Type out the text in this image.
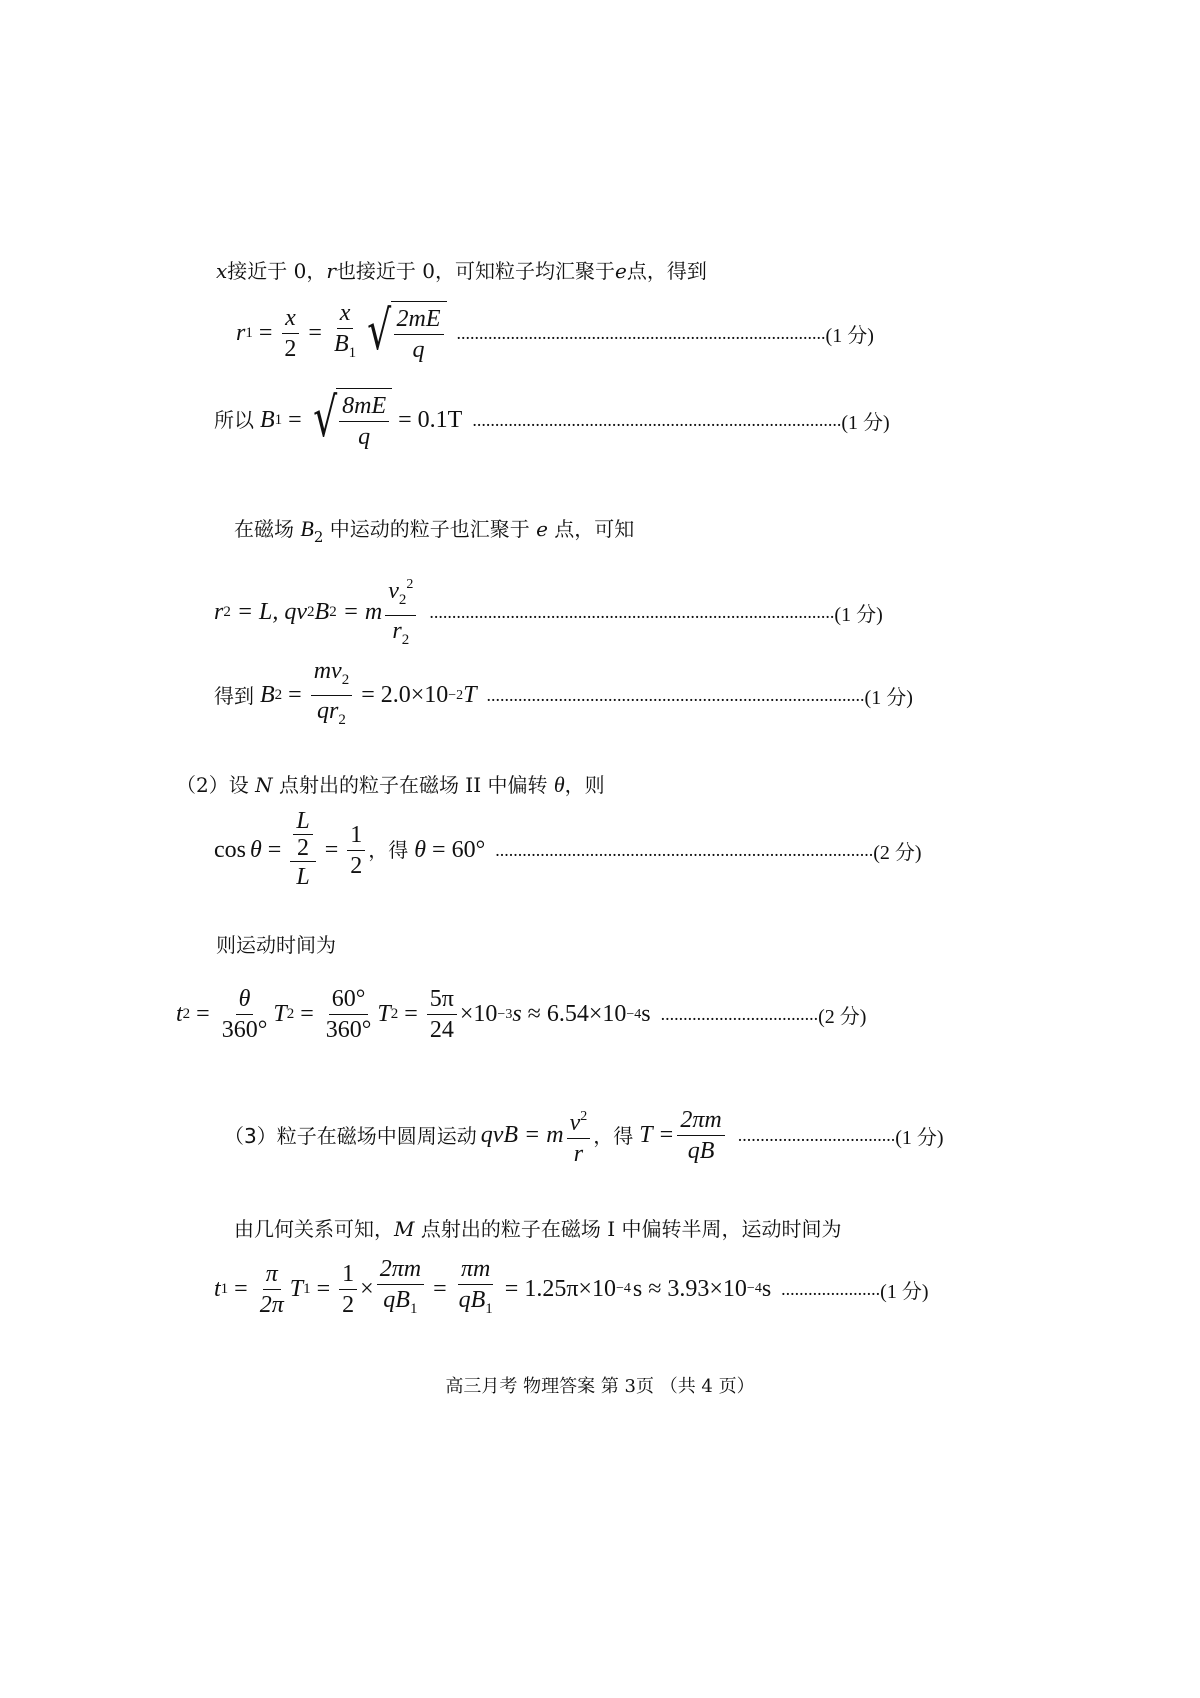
x接近于 0，r也接近于 0，可知粒子均汇聚于e点，得到
r $1 = \frac{x}{2} = \frac{x}{B_1}$ √ $\frac{2mE}{q}$ .................................................................................. (1 分)
所以 B 1 = √ $\frac{8mE}{q} = 0.1T$ .................................................................................. (1 分)
在磁场 $B_2$ 中运动的粒子也汇聚于 e 点，可知
r 2 = L, qv 2 B 2 = m $\frac{v_2^2}{r_2}$ .......................................................................................... (1 分)
得到 B $2 = \frac{mv_2}{qr_2} = 2.0\times 10 -2$ T .................................................................................... (1 分)
（2）设 N 点射出的粒子在磁场 II 中偏转 θ，则
$\cos \theta = \frac{\frac{L}{2}}{L} = \frac{1}{2}$ ，得 θ = 60° .................................................................................... (2 分)
则运动时间为
t $2 = \frac{\theta}{360^\circ}$ T $2 = \frac{60^\circ}{360^\circ}$ T $2 = \frac{5\pi}{24} \times 10 -3$ s ≈ 6.54×10 −4 s ................................... (2 分)
（3）粒子在磁场中圆周运动 qvB = m $\frac{v^2}{r}$ ，得 $T = \frac{2\pi m}{qB}$ ................................... (1 分)
由几何关系可知，M 点射出的粒子在磁场 I 中偏转半周，运动时间为
t $1 = \frac{\pi}{2\pi}$ T $1 = \frac{1}{2} \times \frac{2\pi m}{qB_1} = \frac{\pi m}{qB_1} = 1.25\pi\times 10 -4$ s ≈ 3.93×10 −4 s ...................... (1 分)
高三月考 物理答案 第 3页 （共 4 页）
